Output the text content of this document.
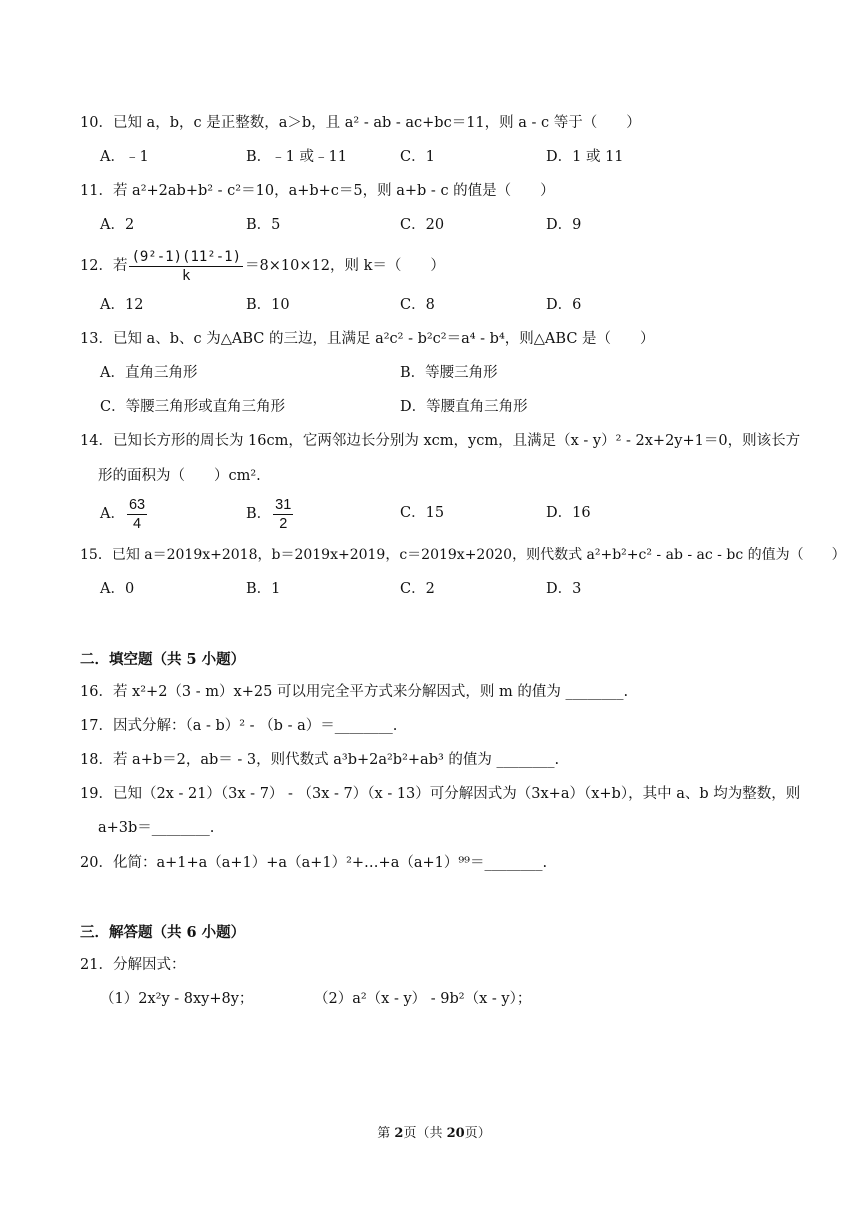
10．已知 a，b，c 是正整数，a＞b，且 a² - ab - ac+bc＝11，则 a - c 等于（　　）
A．﹣1	B．﹣1 或﹣11	C．1	D．1 或 11
11．若 a²+2ab+b² - c²＝10，a+b+c＝5，则 a+b - c 的值是（　　）
A．2	B．5	C．20	D．9
12．若 $\frac{\text{(9²-1)(11²-1)}}{k} =8\times 10\times 12$，则 k＝（　　）
A．12	B．10	C．8	D．6
13．已知 a、b、c 为△ABC 的三边，且满足 a²c² - b²c²＝a⁴ - b⁴，则△ABC 是（　　）
A．直角三角形	B．等腰三角形
C．等腰三角形或直角三角形	D．等腰直角三角形
14．已知长方形的周长为 16cm，它两邻边长分别为 xcm，ycm，且满足（x - y）² - 2x+2y+1＝0，则该长方
形的面积为（　　）cm².
A． $\frac{63}{4}$	B． $\frac{31}{2}$	C．15	D．16
15．已知 a＝2019x+2018，b＝2019x+2019，c＝2019x+2020，则代数式 a²+b²+c² - ab - ac - bc 的值为（　　）
A．0	B．1	C．2	D．3
二．填空题（共 5 小题）
16．若 x²+2（3 - m）x+25 可以用完全平方式来分解因式，则 m 的值为 ________.
17．因式分解：（a - b）² - （b - a）＝________.
18．若 a+b＝2，ab＝ - 3，则代数式 a³b+2a²b²+ab³ 的值为 ________.
19．已知（2x - 21）（3x - 7） - （3x - 7）（x - 13）可分解因式为（3x+a）（x+b），其中 a、b 均为整数，则
a+3b＝________.
20．化简：a+1+a（a+1）+a（a+1）²+…+a（a+1）⁹⁹＝________.
三．解答题（共 6 小题）
21．分解因式：
（1）2x²y - 8xy+8y；	（2）a²（x - y） - 9b²（x - y）；
第 2页（共 20页）
